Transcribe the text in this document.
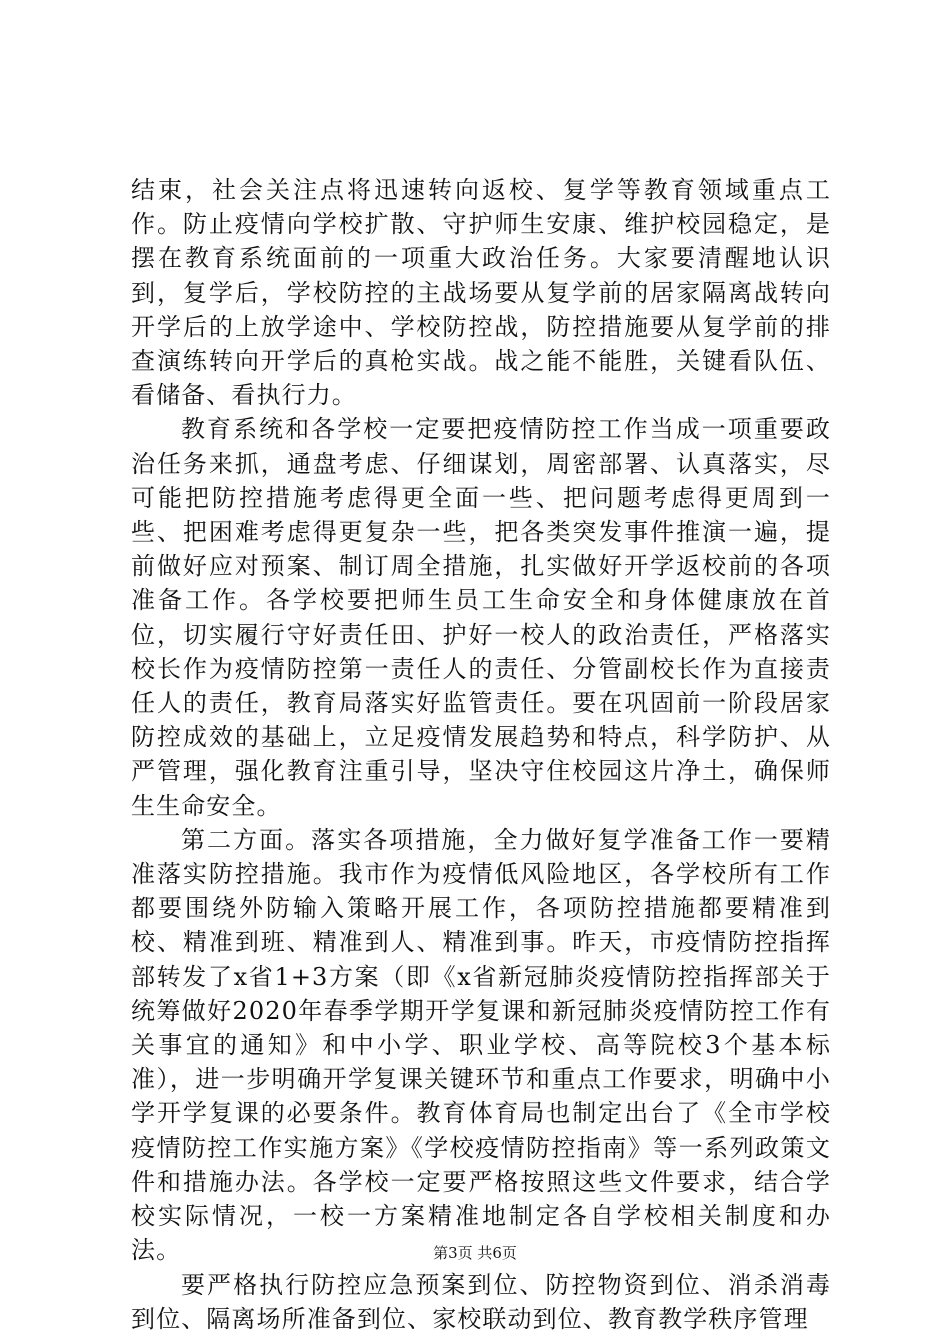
结束，社会关注点将迅速转向返校、复学等教育领域重点工作。防止疫情向学校扩散、守护师生安康、维护校园稳定，是摆在教育系统面前的一项重大政治任务。大家要清醒地认识到，复学后，学校防控的主战场要从复学前的居家隔离战转向开学后的上放学途中、学校防控战，防控措施要从复学前的排查演练转向开学后的真枪实战。战之能不能胜，关键看队伍、看储备、看执行力。

教育系统和各学校一定要把疫情防控工作当成一项重要政治任务来抓，通盘考虑、仔细谋划，周密部署、认真落实，尽可能把防控措施考虑得更全面一些、把问题考虑得更周到一些、把困难考虑得更复杂一些，把各类突发事件推演一遍，提前做好应对预案、制订周全措施，扎实做好开学返校前的各项准备工作。各学校要把师生员工生命安全和身体健康放在首位，切实履行守好责任田、护好一校人的政治责任，严格落实校长作为疫情防控第一责任人的责任、分管副校长作为直接责任人的责任，教育局落实好监管责任。要在巩固前一阶段居家防控成效的基础上，立足疫情发展趋势和特点，科学防护、从严管理，强化教育注重引导，坚决守住校园这片净土，确保师生生命安全。

第二方面。落实各项措施，全力做好复学准备工作一要精准落实防控措施。我市作为疫情低风险地区，各学校所有工作都要围绕外防输入策略开展工作，各项防控措施都要精准到校、精准到班、精准到人、精准到事。昨天，市疫情防控指挥部转发了x省1+3方案（即《x省新冠肺炎疫情防控指挥部关于统筹做好2020年春季学期开学复课和新冠肺炎疫情防控工作有关事宜的通知》和中小学、职业学校、高等院校3个基本标准），进一步明确开学复课关键环节和重点工作要求，明确中小学开学复课的必要条件。教育体育局也制定出台了《全市学校疫情防控工作实施方案》《学校疫情防控指南》等一系列政策文件和措施办法。各学校一定要严格按照这些文件要求，结合学校实际情况，一校一方案精准地制定各自学校相关制度和办法。

要严格执行防控应急预案到位、防控物资到位、消杀消毒到位、隔离场所准备到位、家校联动到位、教育教学秩序管理

第3页 共6页
